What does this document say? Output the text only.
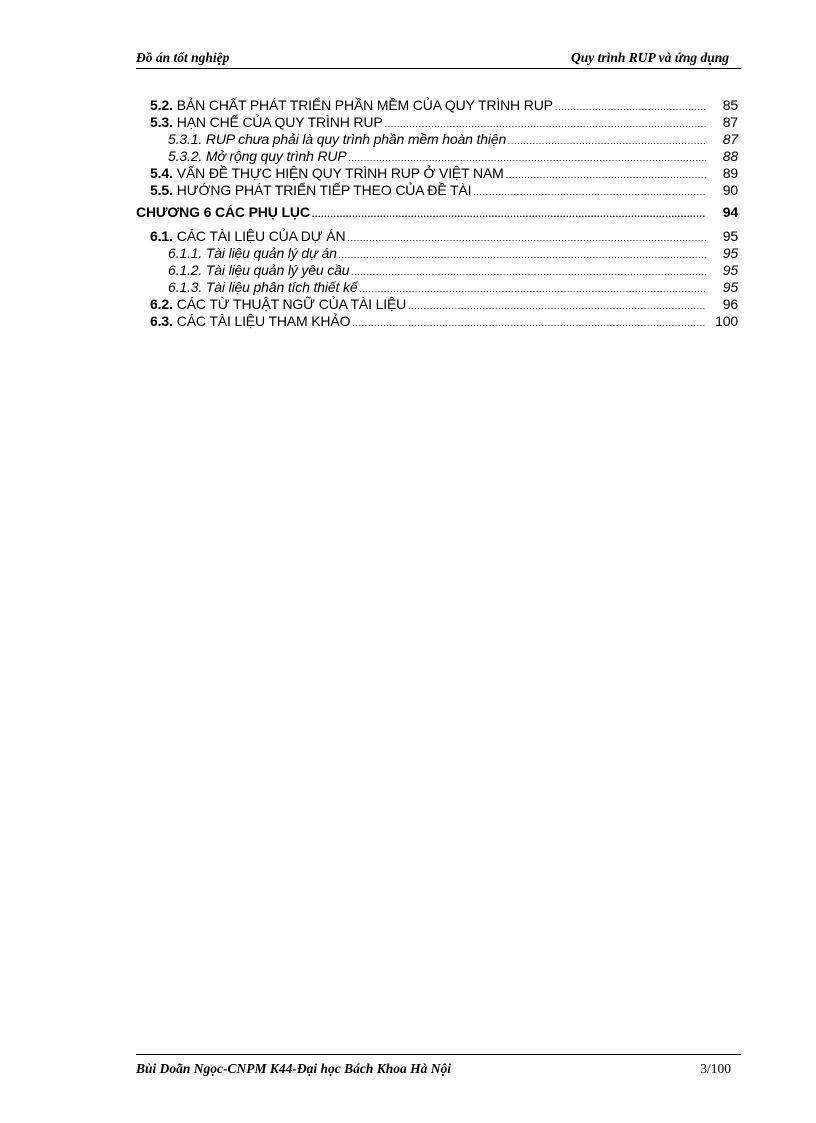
Đồ án tốt nghiệp	Quy trình RUP và ứng dụng
5.2. BẢN CHẤT PHÁT TRIỂN PHẦN MỀM CỦA QUY TRÌNH RUP .....	85
5.3. HẠN CHẾ CỦA QUY TRÌNH RUP .....	87
5.3.1. RUP chưa phải là quy trình phần mềm hoàn thiện .....	87
5.3.2. Mở rộng quy trình RUP .....	88
5.4. VẤN ĐỀ THỰC HIỆN QUY TRÌNH RUP Ở VIỆT NAM .....	89
5.5. HƯỚNG PHÁT TRIỂN TIẾP THEO CỦA ĐỀ TÀI .....	90
CHƯƠNG 6 CÁC PHỤ LỤC .....	94
6.1. CÁC TÀI LIỆU CỦA DỰ ÁN .....	95
6.1.1. Tài liệu quản lý dự án .....	95
6.1.2. Tài liệu quản lý yêu cầu .....	95
6.1.3. Tài liệu phân tích thiết kế .....	95
6.2. CÁC TỪ THUẬT NGỮ CỦA TÀI LIỆU .....	96
6.3. CÁC TÀI LIỆU THAM KHẢO .....	100
Bùi Doãn Ngọc-CNPM K44-Đại học Bách Khoa Hà Nội	3/100
